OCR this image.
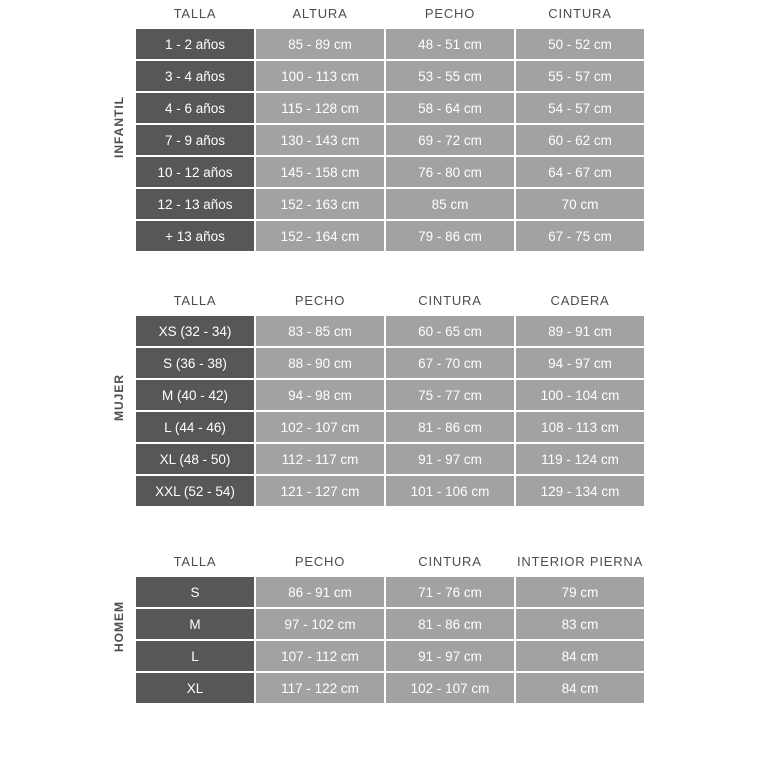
INFANTIL
TALLA	ALTURA	PECHO	CINTURA
1 - 2 años	85 - 89 cm	48 - 51 cm	50 - 52 cm
3 - 4 años	100 - 113 cm	53 - 55 cm	55 - 57 cm
4 - 6 años	115 - 128 cm	58 - 64 cm	54 - 57 cm
7 - 9 años	130 - 143 cm	69 - 72 cm	60 - 62 cm
10 - 12 años	145 - 158 cm	76 - 80 cm	64 - 67 cm
12 - 13 años	152 - 163 cm	85 cm	70 cm
+ 13 años	152 - 164 cm	79 - 86 cm	67 - 75 cm
MUJER
TALLA	PECHO	CINTURA	CADERA
XS (32 - 34)	83 - 85 cm	60 - 65 cm	89 - 91 cm
S (36 - 38)	88 - 90 cm	67 - 70 cm	94 - 97 cm
M (40 - 42)	94 - 98 cm	75 - 77 cm	100 - 104 cm
L (44 - 46)	102 - 107 cm	81 - 86 cm	108 - 113 cm
XL (48 - 50)	112 - 117 cm	91 - 97 cm	119 - 124 cm
XXL (52 - 54)	121 - 127 cm	101 - 106 cm	129 - 134 cm
HOMEM
TALLA	PECHO	CINTURA	INTERIOR PIERNA
S	86 - 91 cm	71 - 76 cm	79 cm
M	97 - 102 cm	81 - 86 cm	83 cm
L	107 - 112 cm	91 - 97 cm	84 cm
XL	117 - 122 cm	102 - 107 cm	84 cm
